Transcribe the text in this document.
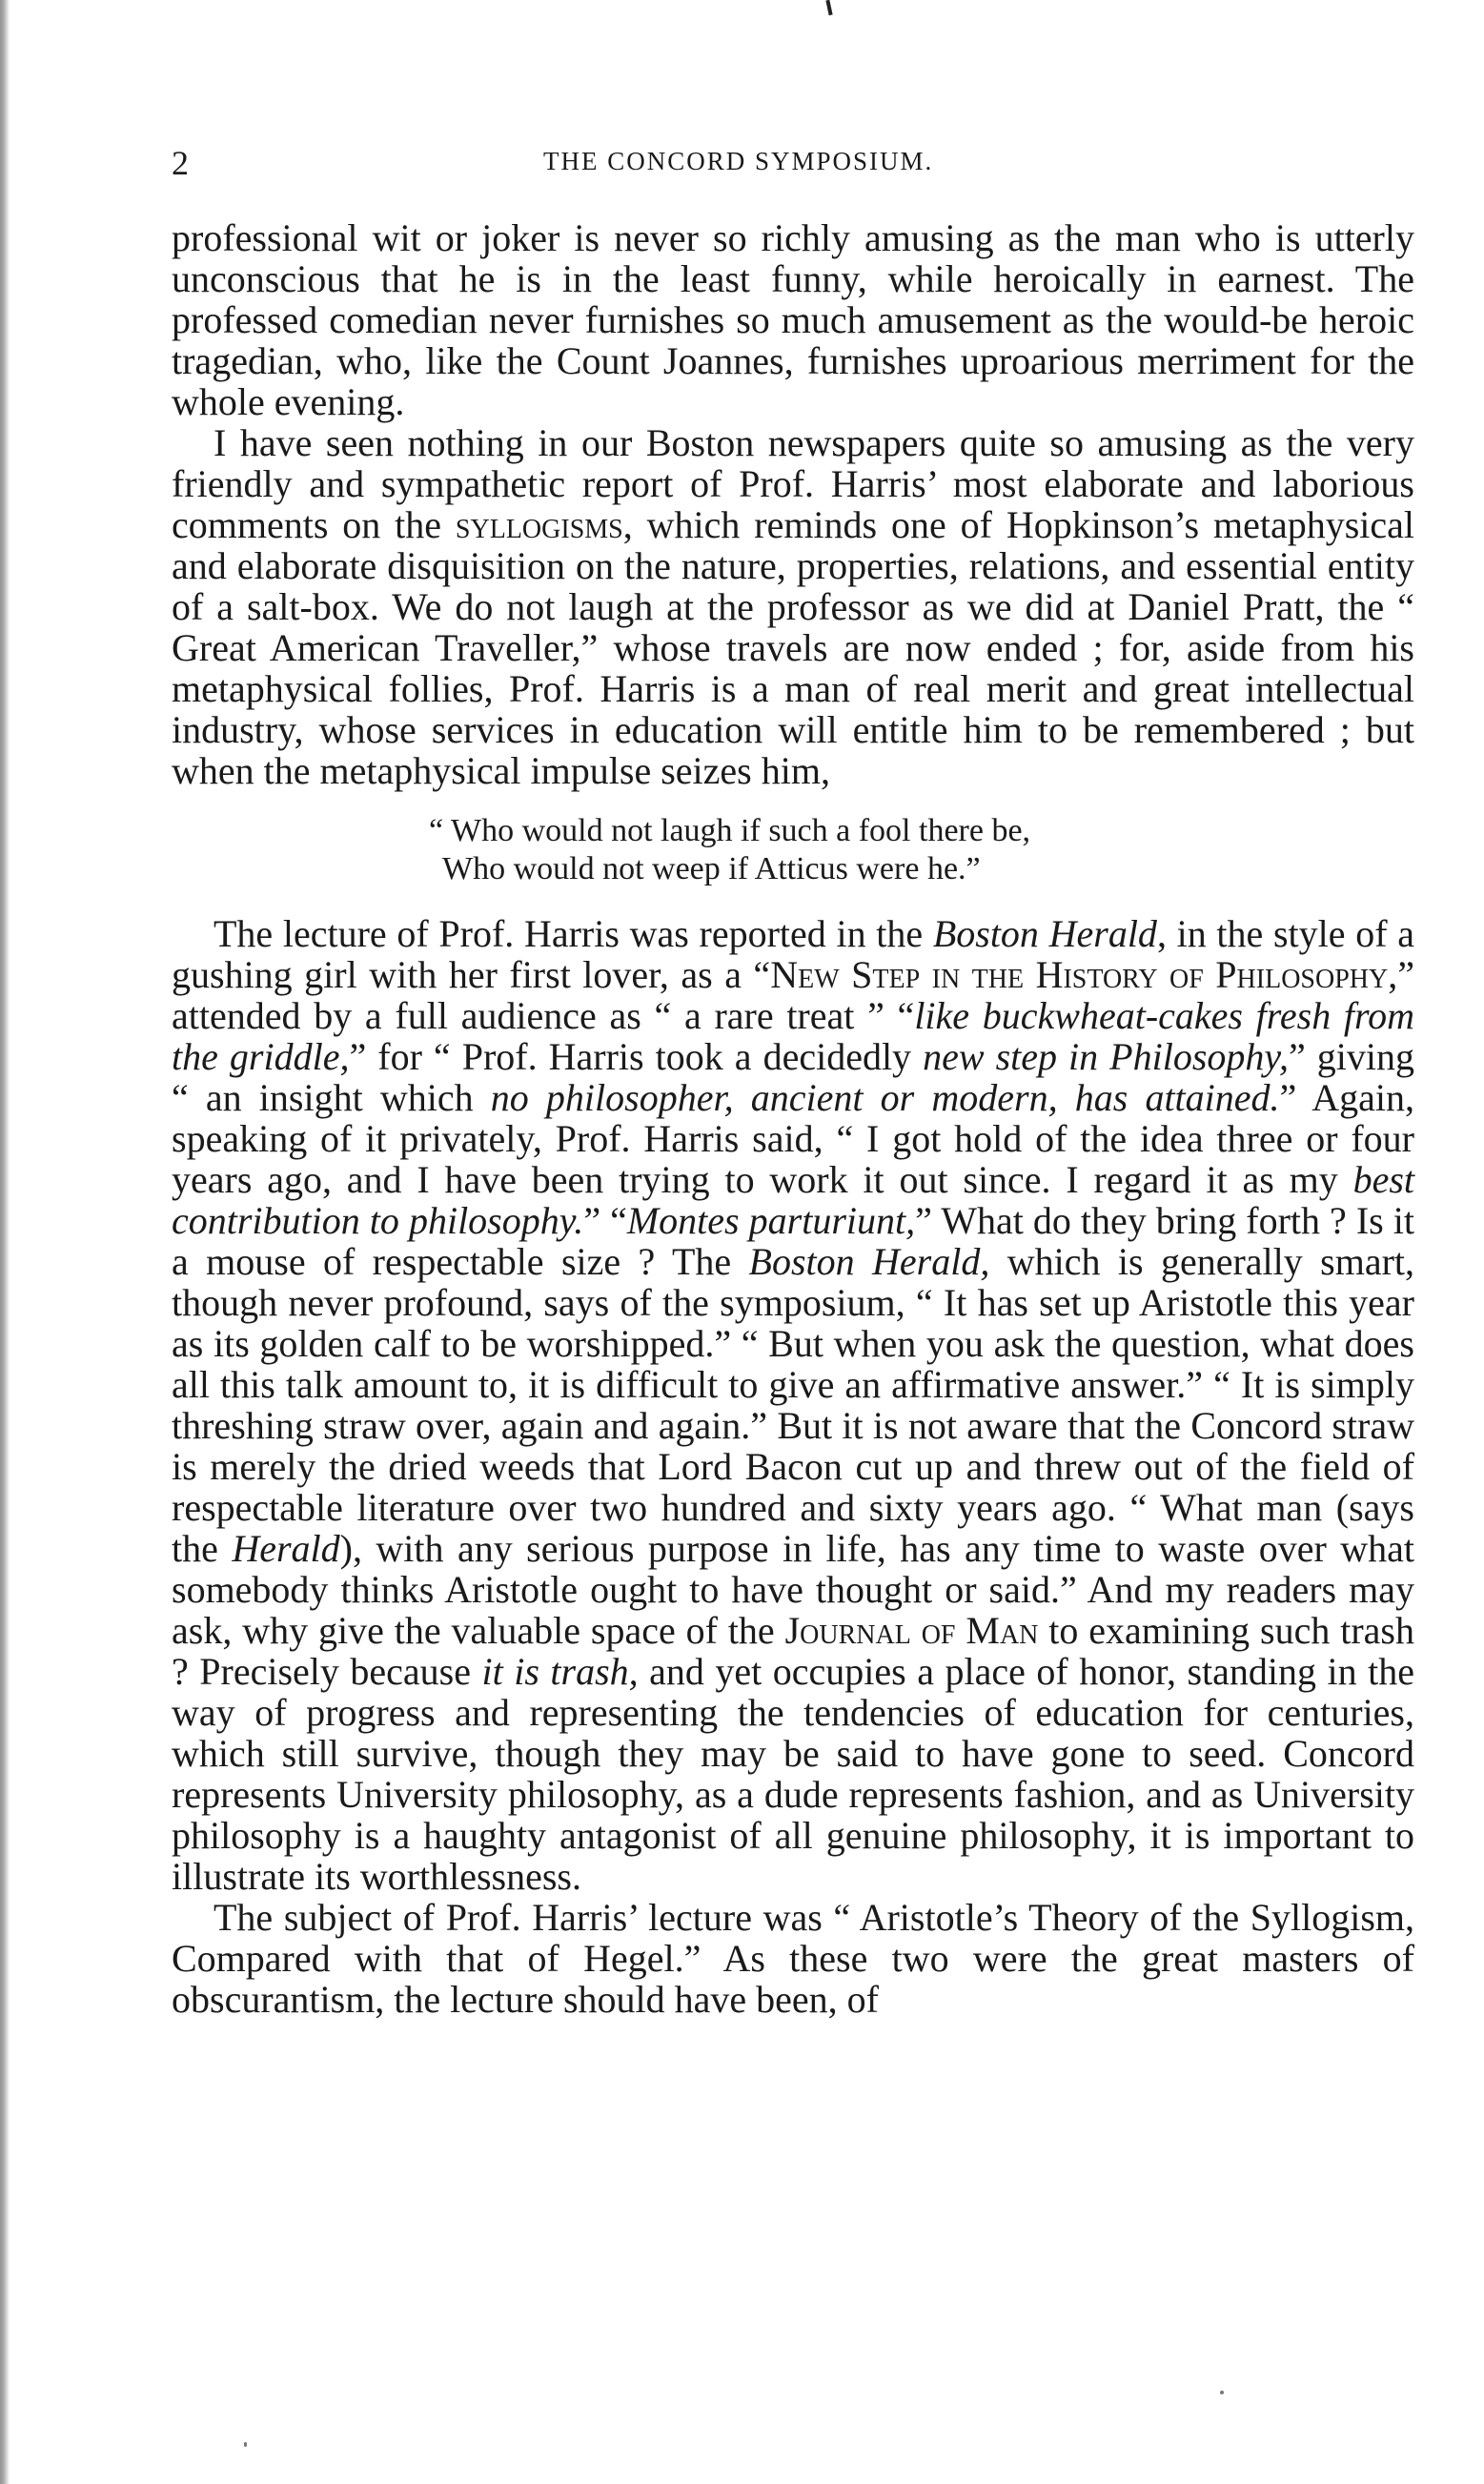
2	THE CONCORD SYMPOSIUM.

professional wit or joker is never so richly amusing as the man who is utterly unconscious that he is in the least funny, while heroically in earnest. The professed comedian never furnishes so much amusement as the would-be heroic tragedian, who, like the Count Joannes, furnishes uproarious merriment for the whole evening.

I have seen nothing in our Boston newspapers quite so amusing as the very friendly and sympathetic report of Prof. Harris’ most elaborate and laborious comments on the syllogisms, which reminds one of Hopkinson’s metaphysical and elaborate disquisition on the nature, properties, relations, and essential entity of a salt-box. We do not laugh at the professor as we did at Daniel Pratt, the “ Great American Traveller,” whose travels are now ended ; for, aside from his metaphysical follies, Prof. Harris is a man of real merit and great intellectual industry, whose services in education will entitle him to be remembered ; but when the metaphysical impulse seizes him,

“ Who would not laugh if such a fool there be,
Who would not weep if Atticus were he.”

The lecture of Prof. Harris was reported in the Boston Herald, in the style of a gushing girl with her first lover, as a “New Step in the History of Philosophy,” attended by a full audience as “ a rare treat ” “like buckwheat-cakes fresh from the griddle,” for “ Prof. Harris took a decidedly new step in Philosophy,” giving “ an insight which no philosopher, ancient or modern, has attained.” Again, speaking of it privately, Prof. Harris said, “ I got hold of the idea three or four years ago, and I have been trying to work it out since. I regard it as my best contribution to philosophy.” “Montes parturiunt,” What do they bring forth ? Is it a mouse of respectable size ? The Boston Herald, which is generally smart, though never profound, says of the symposium, “ It has set up Aristotle this year as its golden calf to be worshipped.” “ But when you ask the question, what does all this talk amount to, it is difficult to give an affirmative answer.” “ It is simply threshing straw over, again and again.” But it is not aware that the Concord straw is merely the dried weeds that Lord Bacon cut up and threw out of the field of respectable literature over two hundred and sixty years ago. “ What man (says the Herald), with any serious purpose in life, has any time to waste over what somebody thinks Aristotle ought to have thought or said.” And my readers may ask, why give the valuable space of the Journal of Man to examining such trash ? Precisely because it is trash, and yet occupies a place of honor, standing in the way of progress and representing the tendencies of education for centuries, which still survive, though they may be said to have gone to seed. Concord represents University philosophy, as a dude represents fashion, and as University philosophy is a haughty antagonist of all genuine philosophy, it is important to illustrate its worthlessness.

The subject of Prof. Harris’ lecture was “ Aristotle’s Theory of the Syllogism, Compared with that of Hegel.” As these two were the great masters of obscurantism, the lecture should have been, of
